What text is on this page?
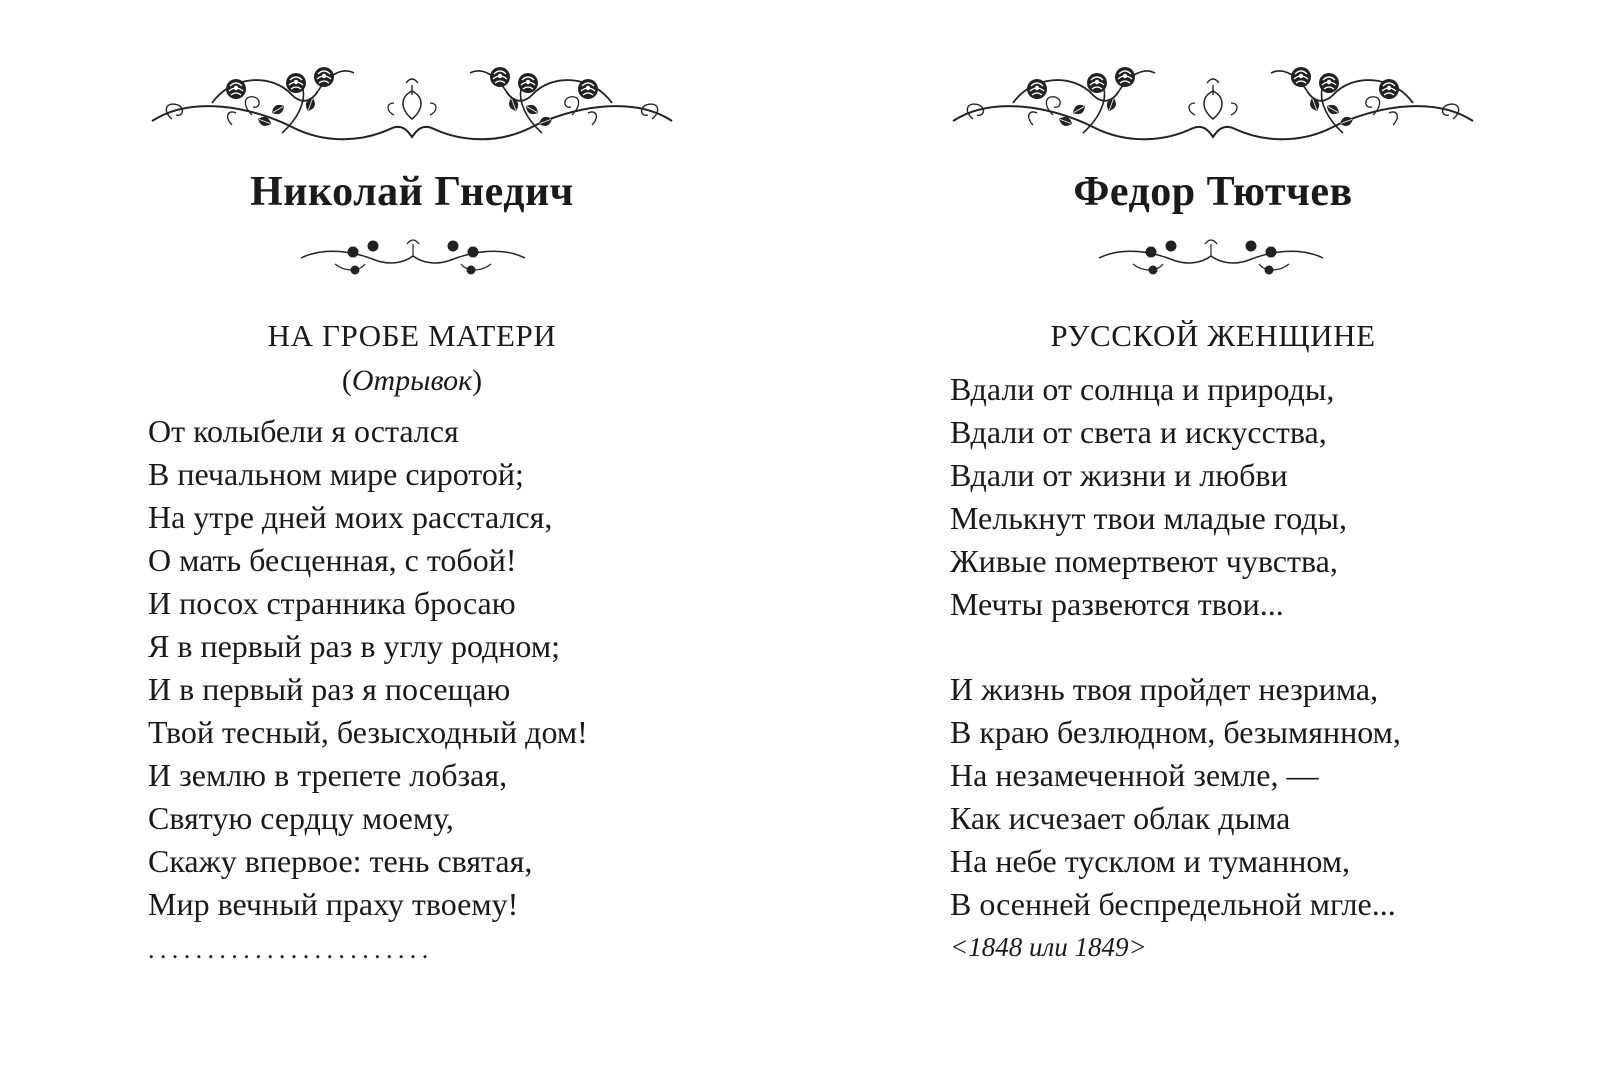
Николай Гнедич
НА ГРОБЕ МАТЕРИ
(Отрывок)
От колыбели я остался
В печальном мире сиротой;
На утре дней моих расстался,
О мать бесценная, с тобой!
И посох странника бросаю
Я в первый раз в углу родном;
И в первый раз я посещаю
Твой тесный, безысходный дом!
И землю в трепете лобзая,
Святую сердцу моему,
Скажу впервое: тень святая,
Мир вечный праху твоему!
........................
Федор Тютчев
РУССКОЙ ЖЕНЩИНЕ
Вдали от солнца и природы,
Вдали от света и искусства,
Вдали от жизни и любви
Мелькнут твои младые годы,
Живые помертвеют чувства,
Мечты развеются твои...
И жизнь твоя пройдет незрима,
В краю безлюдном, безымянном,
На незамеченной земле, —
Как исчезает облак дыма
На небе тусклом и туманном,
В осенней беспредельной мгле...
<1848 или 1849>
